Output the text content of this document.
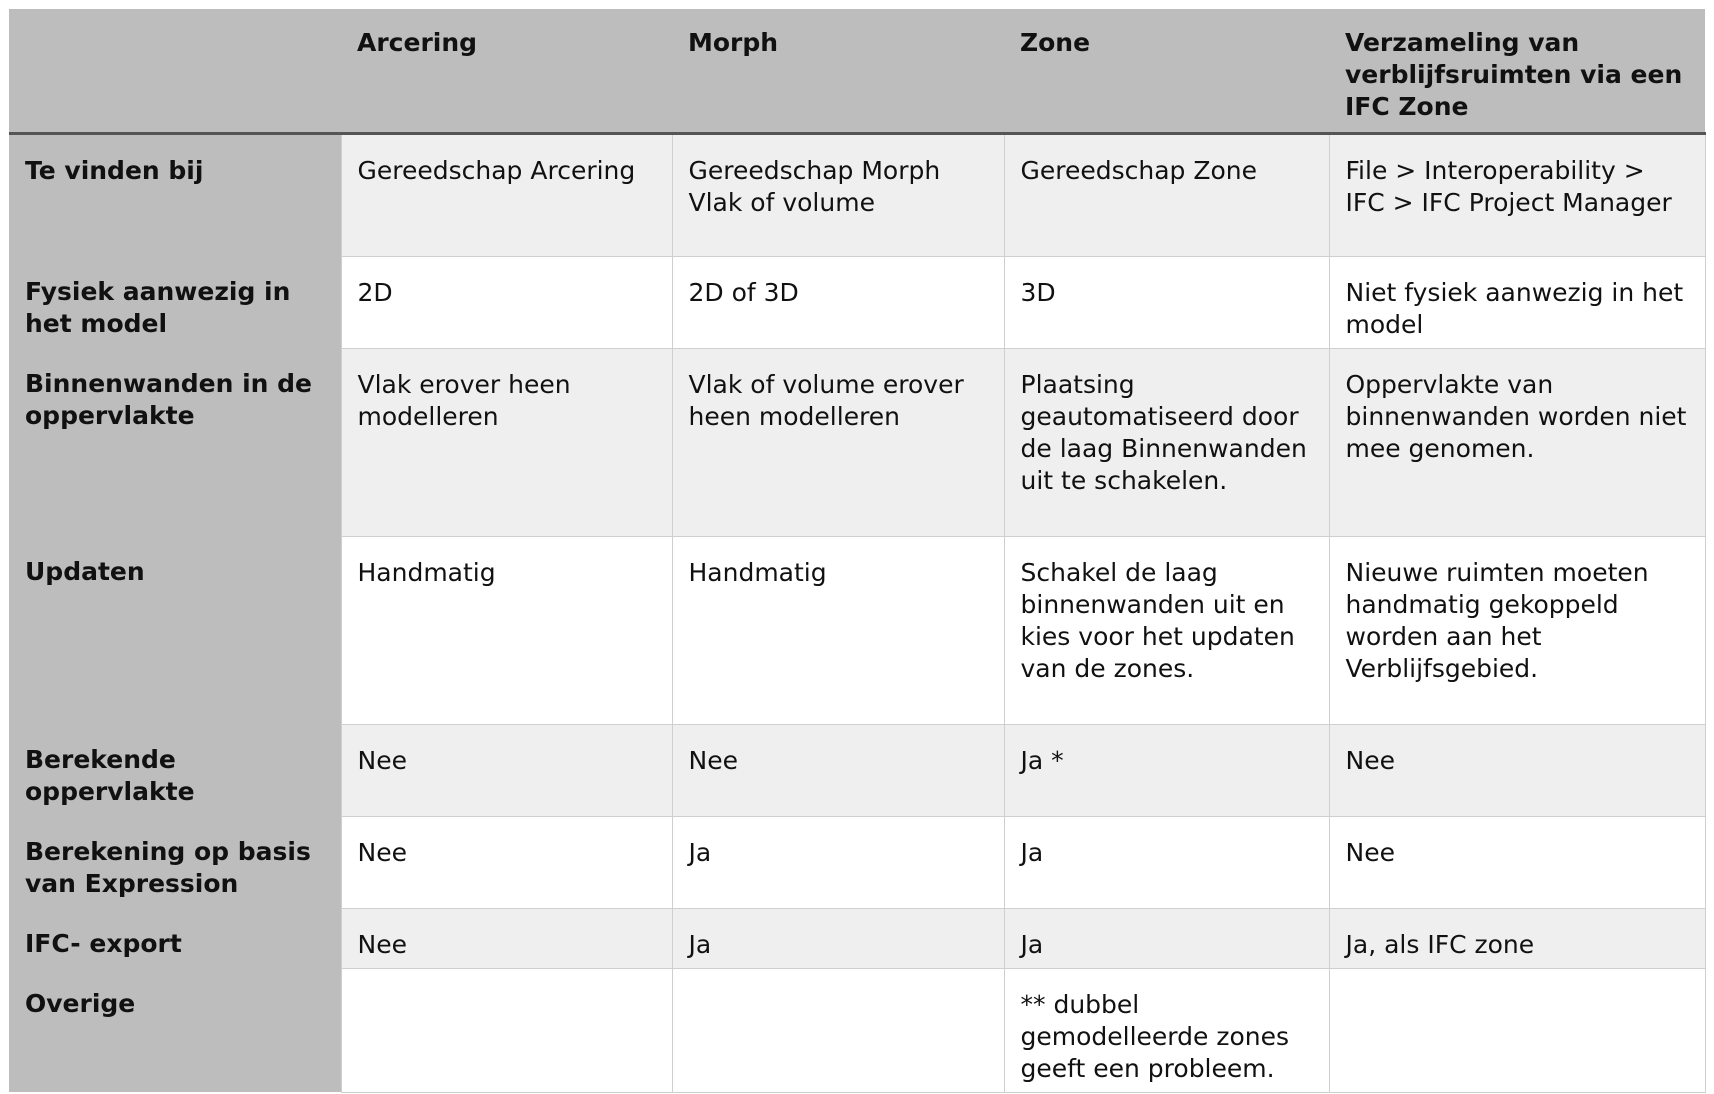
	Arcering	Morph	Zone	Verzameling van verblijfsruimten via een IFC Zone
Te vinden bij	Gereedschap Arcering	Gereedschap Morph Vlak of volume	Gereedschap Zone	File > Interoperability > IFC > IFC Project Manager
Fysiek aanwezig in het model	2D	2D of 3D	3D	Niet fysiek aanwezig in het model
Binnenwanden in de oppervlakte	Vlak erover heen modelleren	Vlak of volume erover heen modelleren	Plaatsing geautomatiseerd door de laag Binnenwanden uit te schakelen.	Oppervlakte van binnenwanden worden niet mee genomen.
Updaten	Handmatig	Handmatig	Schakel de laag binnenwanden uit en kies voor het updaten van de zones.	Nieuwe ruimten moeten handmatig gekoppeld worden aan het Verblijfsgebied.
Berekende oppervlakte	Nee	Nee	Ja *	Nee
Berekening op basis van Expression	Nee	Ja	Ja	Nee
IFC- export	Nee	Ja	Ja	Ja, als IFC zone
Overige			** dubbel gemodelleerde zones geeft een probleem.	
